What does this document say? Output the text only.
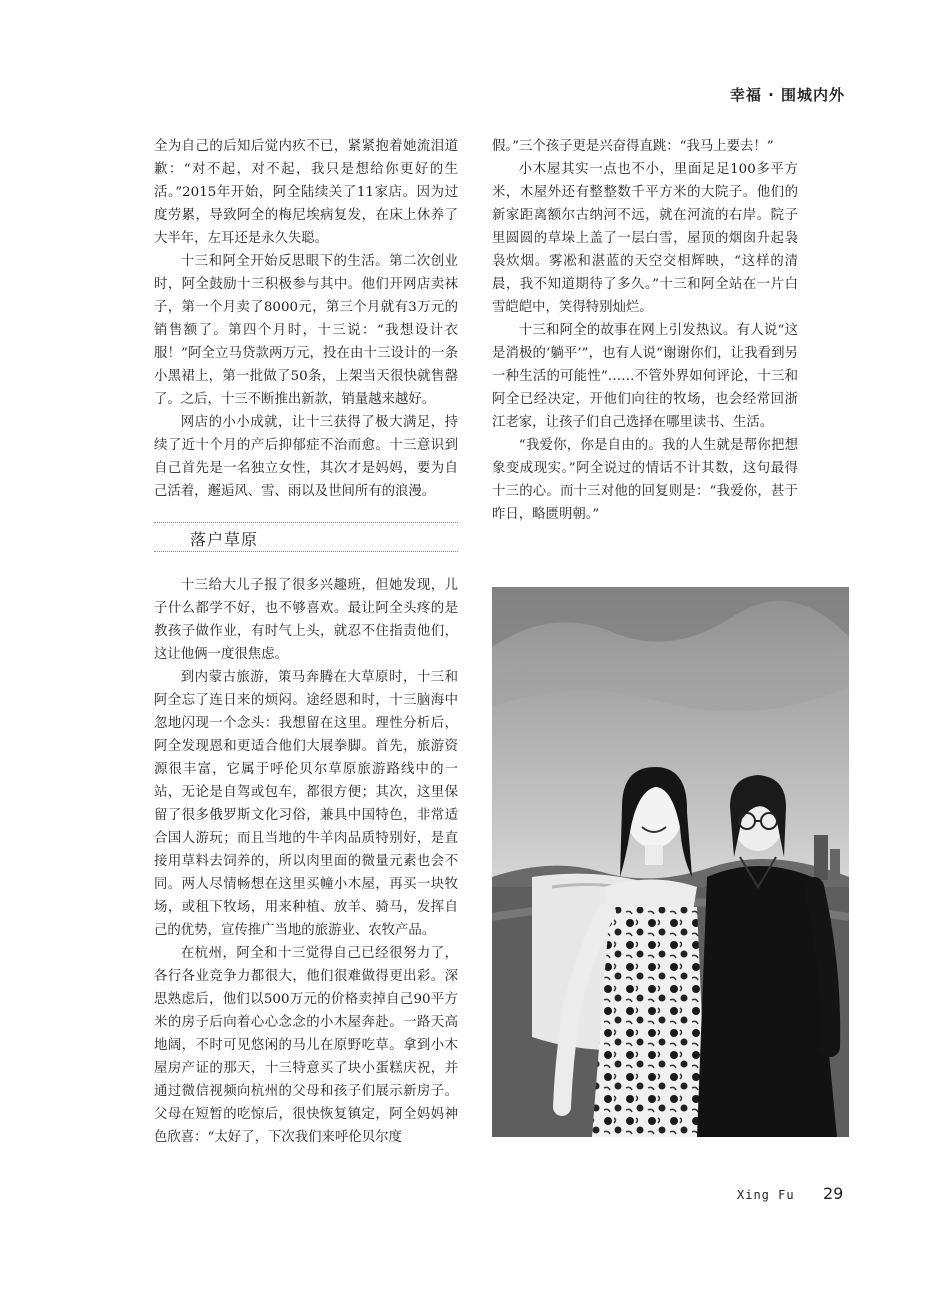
幸福 · 围城内外

全为自己的后知后觉内疚不已，紧紧抱着她流泪道歉：“对不起，对不起，我只是想给你更好的生活。”2015年开始，阿全陆续关了11家店。因为过度劳累，导致阿全的梅尼埃病复发，在床上休养了大半年，左耳还是永久失聪。

十三和阿全开始反思眼下的生活。第二次创业时，阿全鼓励十三积极参与其中。他们开网店卖袜子，第一个月卖了8000元，第三个月就有3万元的销售额了。第四个月时，十三说：“我想设计衣服！”阿全立马贷款两万元，投在由十三设计的一条小黑裙上，第一批做了50条，上架当天很快就售罄了。之后，十三不断推出新款，销量越来越好。

网店的小小成就，让十三获得了极大满足，持续了近十个月的产后抑郁症不治而愈。十三意识到自己首先是一名独立女性，其次才是妈妈，要为自己活着，邂逅风、雪、雨以及世间所有的浪漫。

落户草原

十三给大儿子报了很多兴趣班，但她发现，儿子什么都学不好，也不够喜欢。最让阿全头疼的是教孩子做作业，有时气上头，就忍不住指责他们，这让他俩一度很焦虑。

到内蒙古旅游，策马奔腾在大草原时，十三和阿全忘了连日来的烦闷。途经恩和时，十三脑海中忽地闪现一个念头：我想留在这里。理性分析后，阿全发现恩和更适合他们大展拳脚。首先，旅游资源很丰富，它属于呼伦贝尔草原旅游路线中的一站，无论是自驾或包车，都很方便；其次，这里保留了很多俄罗斯文化习俗，兼具中国特色，非常适合国人游玩；而且当地的牛羊肉品质特别好，是直接用草料去饲养的，所以肉里面的微量元素也会不同。两人尽情畅想在这里买幢小木屋，再买一块牧场，或租下牧场，用来种植、放羊、骑马，发挥自己的优势，宣传推广当地的旅游业、农牧产品。

在杭州，阿全和十三觉得自己已经很努力了，各行各业竞争力都很大，他们很难做得更出彩。深思熟虑后，他们以500万元的价格卖掉自己90平方米的房子后向着心心念念的小木屋奔赴。一路天高地阔，不时可见悠闲的马儿在原野吃草。拿到小木屋房产证的那天，十三特意买了块小蛋糕庆祝，并通过微信视频向杭州的父母和孩子们展示新房子。父母在短暂的吃惊后，很快恢复镇定，阿全妈妈神色欣喜：“太好了，下次我们来呼伦贝尔度

假。”三个孩子更是兴奋得直跳：“我马上要去！”

小木屋其实一点也不小，里面足足100多平方米，木屋外还有整整数千平方米的大院子。他们的新家距离额尔古纳河不远，就在河流的右岸。院子里圆圆的草垛上盖了一层白雪，屋顶的烟囱升起袅袅炊烟。雾凇和湛蓝的天空交相辉映，“这样的清晨，我不知道期待了多久。”十三和阿全站在一片白雪皑皑中，笑得特别灿烂。

十三和阿全的故事在网上引发热议。有人说“这是消极的‘躺平’”，也有人说“谢谢你们，让我看到另一种生活的可能性”……不管外界如何评论，十三和阿全已经决定，开他们向往的牧场，也会经常回浙江老家，让孩子们自己选择在哪里读书、生活。

“我爱你，你是自由的。我的人生就是帮你把想象变成现实。”阿全说过的情话不计其数，这句最得十三的心。而十三对他的回复则是：“我爱你，甚于昨日，略匮明朝。”

Xing Fu 29
